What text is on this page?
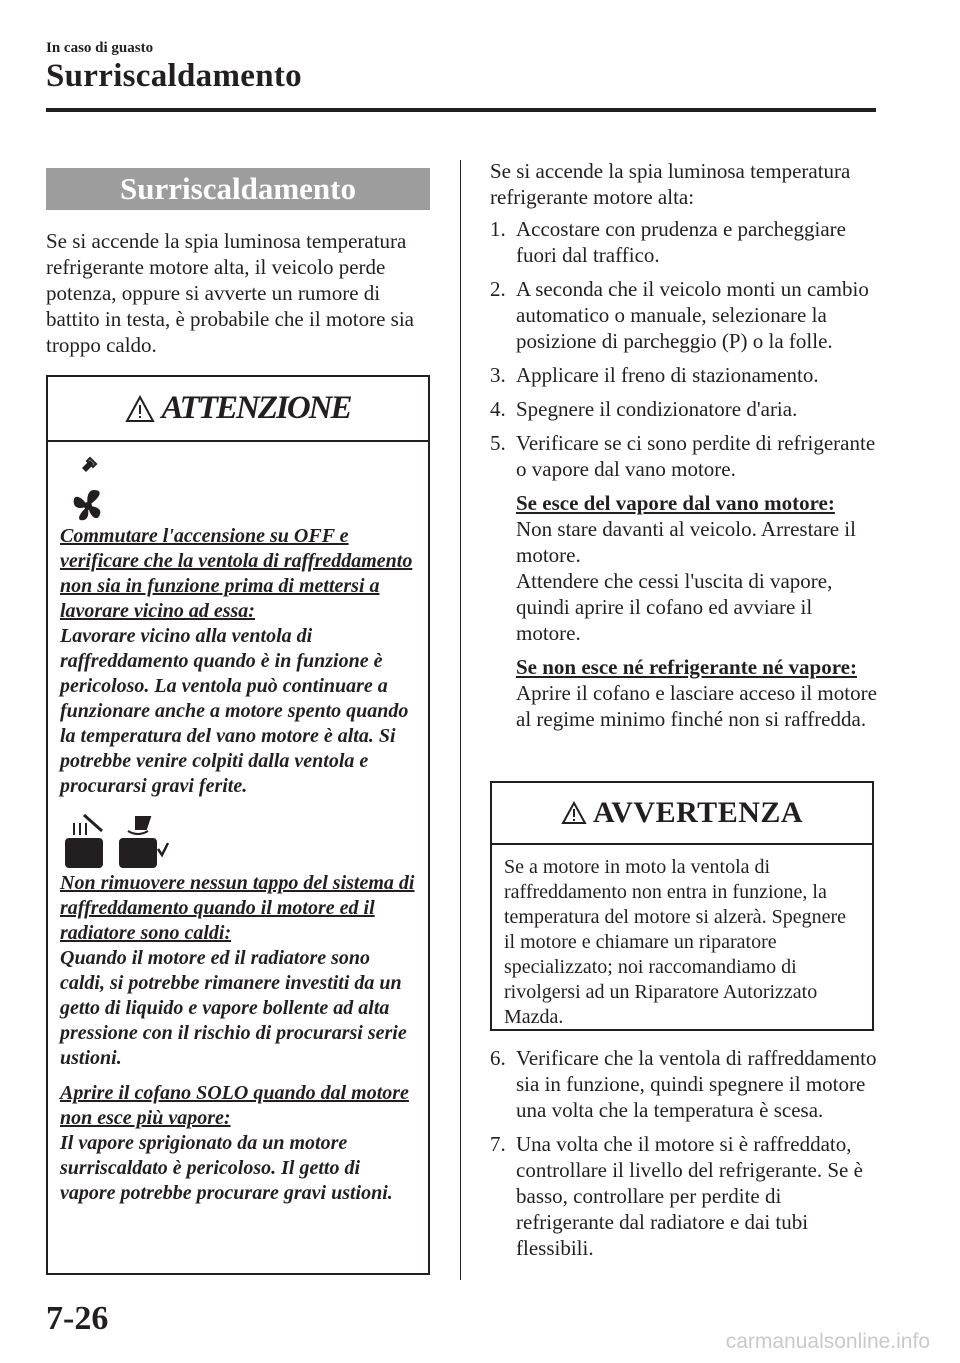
In caso di guasto
Surriscaldamento
Surriscaldamento
Se si accende la spia luminosa temperatura refrigerante motore alta, il veicolo perde potenza, oppure si avverte un rumore di battito in testa, è probabile che il motore sia troppo caldo.
ATTENZIONE
Commutare l'accensione su OFF e verificare che la ventola di raffreddamento non sia in funzione prima di mettersi a lavorare vicino ad essa:
Lavorare vicino alla ventola di raffreddamento quando è in funzione è pericoloso. La ventola può continuare a funzionare anche a motore spento quando la temperatura del vano motore è alta. Si potrebbe venire colpiti dalla ventola e procurarsi gravi ferite.
Non rimuovere nessun tappo del sistema di raffreddamento quando il motore ed il radiatore sono caldi:
Quando il motore ed il radiatore sono caldi, si potrebbe rimanere investiti da un getto di liquido e vapore bollente ad alta pressione con il rischio di procurarsi serie ustioni.
Aprire il cofano SOLO quando dal motore non esce più vapore:
Il vapore sprigionato da un motore surriscaldato è pericoloso. Il getto di vapore potrebbe procurare gravi ustioni.
Se si accende la spia luminosa temperatura refrigerante motore alta:
1. Accostare con prudenza e parcheggiare fuori dal traffico.
2. A seconda che il veicolo monti un cambio automatico o manuale, selezionare la posizione di parcheggio (P) o la folle.
3. Applicare il freno di stazionamento.
4. Spegnere il condizionatore d'aria.
5. Verificare se ci sono perdite di refrigerante o vapore dal vano motore.
Se esce del vapore dal vano motore:
Non stare davanti al veicolo. Arrestare il motore.
Attendere che cessi l'uscita di vapore, quindi aprire il cofano ed avviare il motore.
Se non esce né refrigerante né vapore:
Aprire il cofano e lasciare acceso il motore al regime minimo finché non si raffredda.
AVVERTENZA
Se a motore in moto la ventola di raffreddamento non entra in funzione, la temperatura del motore si alzerà. Spegnere il motore e chiamare un riparatore specializzato; noi raccomandiamo di rivolgersi ad un Riparatore Autorizzato Mazda.
6. Verificare che la ventola di raffreddamento sia in funzione, quindi spegnere il motore una volta che la temperatura è scesa.
7. Una volta che il motore si è raffreddato, controllare il livello del refrigerante. Se è basso, controllare per perdite di refrigerante dal radiatore e dai tubi flessibili.
7-26
carmanualsonline.info
